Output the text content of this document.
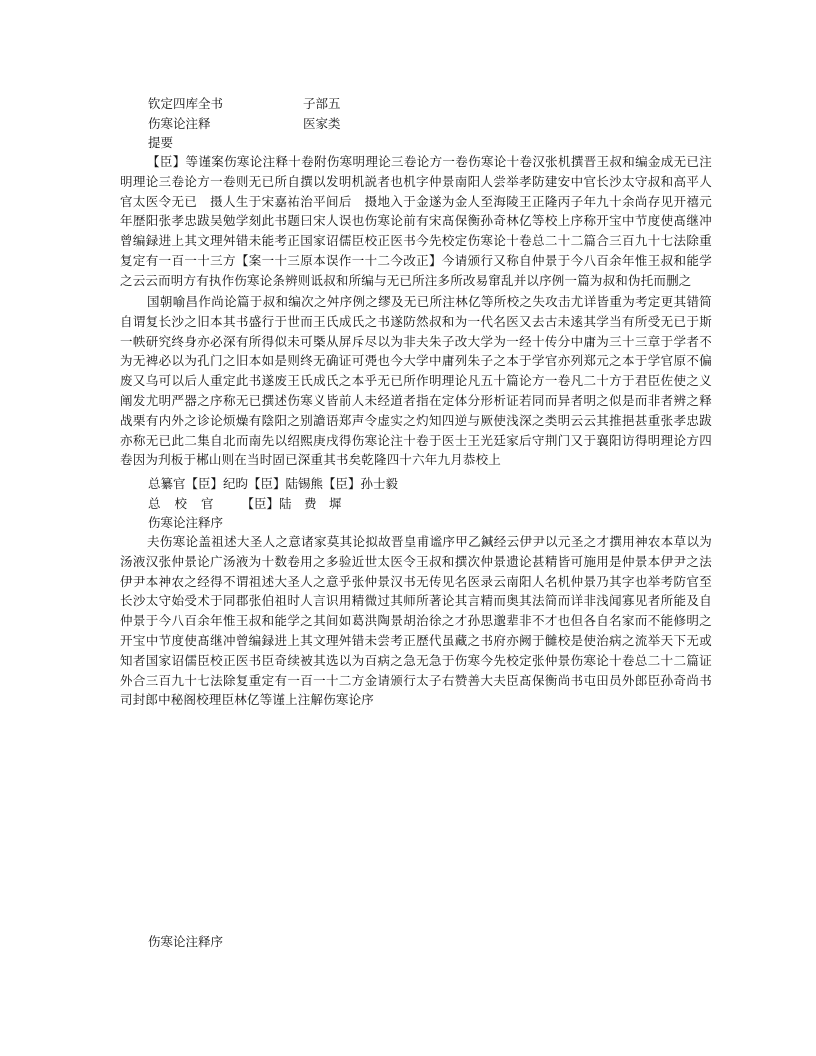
钦定四库全书	子部五
伤寒论注释	医家类
提要

【臣】等谨案伤寒论注释十卷附伤寒明理论三卷论方一卷伤寒论十卷汉张机撰晋王叔和编金成无已注明理论三卷论方一卷则无已所自撰以发明机説者也机字仲景南阳人尝举孝防建安中官长沙太守叔和高平人官太医令无已　摄人生于宋嘉祐治平间后　摄地入于金遂为金人至海陵王正隆丙子年九十余尚存见开禧元年歴阳张孝忠跋吴勉学刻此书题曰宋人误也伤寒论前有宋髙保衡孙奇林亿等校上序称开宝中节度使髙继冲曾编録进上其文理舛错未能考正国家诏儒臣校正医书今先校定伤寒论十卷总二十二篇合三百九十七法除重复定有一百一十三方【案一十三原本误作一十二今改正】今请颁行又称自仲景于今八百余年惟王叔和能学之云云而明方有执作伤寒论条辨则诋叔和所编与无已所注多所改易窜乱并以序例一篇为叔和伪托而删之

国朝喻昌作尚论篇于叔和编次之舛序例之缪及无已所注林亿等所校之失攻击尤详皆重为考定更其错简自谓复长沙之旧本其书盛行于世而王氏成氏之书遂防然叔和为一代名医又去古未逺其学当有所受无已于斯一帙研究终身亦必深有所得似未可槩从屏斥尽以为非夫朱子改大学为一经十传分中庸为三十三章于学者不为无裨必以为孔门之旧本如是则终无确证可凴也今大学中庸列朱子之本于学官亦列郑元之本于学官原不偏废又乌可以后人重定此书遂废王氏成氏之本乎无已所作明理论凡五十篇论方一卷凡二十方于君臣佐使之义阐发尤明严器之序称无已撰述伤寒义皆前人未经道者指在定体分形析证若同而异者明之似是而非者辨之释战栗有内外之诊论烦燥有陰阳之别譫语郑声令虚实之灼知四逆与厥使浅深之类明云云其推挹甚重张孝忠跋亦称无已此二集自北而南先以绍熙庚戌得伤寒论注十卷于医士王光廷家后守荆门又于襄阳访得明理论方四卷因为刋板于郴山则在当时固已深重其书矣乾隆四十六年九月恭校上

总纂官【臣】纪昀【臣】陆锡熊【臣】孙士毅
总校官 【臣】陆　费　墀
伤寒论注释序

夫伤寒论盖祖述大圣人之意诸家莫其论拟故晋皇甫谧序甲乙鍼经云伊尹以元圣之才撰用神农本草以为汤液汉张仲景论广汤液为十数卷用之多验近世太医令王叔和撰次仲景遗论甚精皆可施用是仲景本伊尹之法伊尹本神农之经得不谓祖述大圣人之意乎张仲景汉书无传见名医录云南阳人名机仲景乃其字也举考防官至长沙太守始受术于同郡张伯祖时人言识用精微过其师所著论其言精而奥其法简而详非浅闻寡见者所能及自仲景于今八百余年惟王叔和能学之其间如葛洪陶景胡治徐之才孙思邈辈非不才也但各自名家而不能修明之开宝中节度使髙继冲曾编録进上其文理舛错未尝考正歴代虽藏之书府亦阙于雠校是使治病之流举天下无或知者国家诏儒臣校正医书臣奇续被其选以为百病之急无急于伤寒今先校定张仲景伤寒论十卷总二十二篇证外合三百九十七法除复重定有一百一十二方金请颁行太子右赞善大夫臣髙保衡尚书屯田员外郎臣孙奇尚书司封郎中秘阁校理臣林亿等谨上注解伤寒论序

伤寒论注释序
